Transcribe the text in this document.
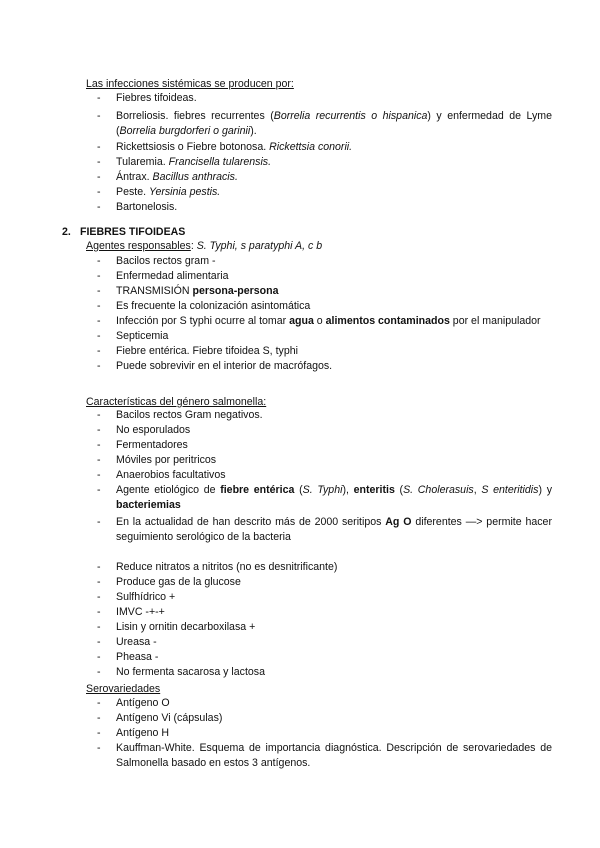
Las infecciones sistémicas se producen por:
- Fiebres tifoideas.
- Borreliosis. fiebres recurrentes (Borrelia recurrentis o hispanica) y enfermedad de Lyme (Borrelia burgdorferi o garinii).
- Rickettsiosis o Fiebre botonosa. Rickettsia conorii.
- Tularemia. Francisella tularensis.
- Ántrax. Bacillus anthracis.
- Peste. Yersinia pestis.
- Bartonelosis.
2. FIEBRES TIFOIDEAS
Agentes responsables: S. Typhi, s paratyphi A, c b
- Bacilos rectos gram -
- Enfermedad alimentaria
- TRANSMISIÓN persona-persona
- Es frecuente la colonización asintomática
- Infección por S typhi ocurre al tomar agua o alimentos contaminados por el manipulador
- Septicemia
- Fiebre entérica. Fiebre tifoidea S, typhi
- Puede sobrevivir en el interior de macrófagos.
Características del género salmonella:
- Bacilos rectos Gram negativos.
- No esporulados
- Fermentadores
- Móviles por peritricos
- Anaerobios facultativos
- Agente etiológico de fiebre entérica (S. Typhi), enteritis (S. Cholerasuis, S enteritidis) y bacteriemias
- En la actualidad de han descrito más de 2000 seritipos Ag O diferentes —> permite hacer seguimiento serológico de la bacteria
- Reduce nitratos a nitritos (no es desnitrificante)
- Produce gas de la glucose
- Sulfhídrico +
- IMVC -+-+
- Lisin y ornitin decarboxilasa +
- Ureasa -
- Pheasa -
- No fermenta sacarosa y lactosa
Serovariedades
- Antígeno O
- Antígeno Vi (cápsulas)
- Antígeno H
- Kauffman-White. Esquema de importancia diagnóstica. Descripción de serovariedades de Salmonella basado en estos 3 antígenos.
